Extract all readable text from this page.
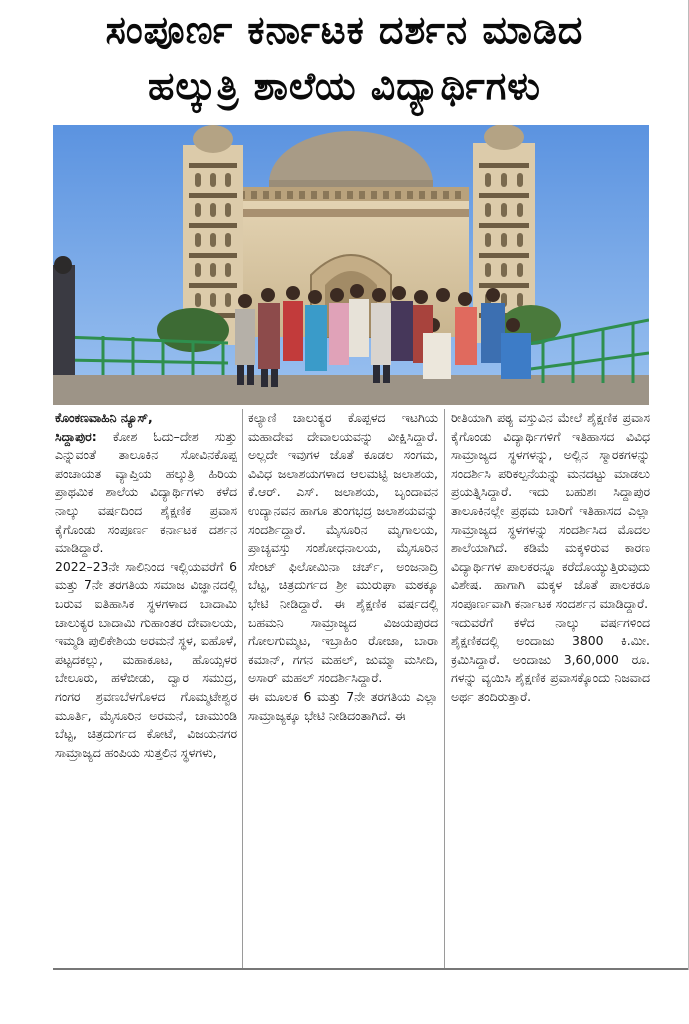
ಸಂಪೂರ್ಣ ಕರ್ನಾಟಕ ದರ್ಶನ ಮಾಡಿದ
ಹಲ್ಕುತ್ರಿ ಶಾಲೆಯ ವಿದ್ಯಾರ್ಥಿಗಳು

ಕೊಂಕಣವಾಹಿನಿ ನ್ಯೂಸ್,

ಸಿದ್ದಾಪುರ: ಕೋಶ ಓದು–ದೇಶ ಸುತ್ತು ಎನ್ನುವಂತೆ ತಾಲೂಕಿನ ಸೋವಿನಕೊಪ್ಪ ಪಂಚಾಯತ ವ್ಯಾಪ್ತಿಯ ಹಲ್ಕುತ್ರಿ ಹಿರಿಯ ಪ್ರಾಥಮಿಕ ಶಾಲೆಯ ವಿದ್ಯಾರ್ಥಿಗಳು ಕಳೆದ ನಾಲ್ಕು ವರ್ಷದಿಂದ ಶೈಕ್ಷಣಿಕ ಪ್ರವಾಸ ಕೈಗೊಂಡು ಸಂಪೂರ್ಣ ಕರ್ನಾಟಕ ದರ್ಶನ ಮಾಡಿದ್ದಾರೆ.

2022–23ನೇ ಸಾಲಿನಿಂದ ಇಲ್ಲಿಯವರೆಗೆ 6 ಮತ್ತು 7ನೇ ತರಗತಿಯ ಸಮಾಜ ವಿಜ್ಞಾನದಲ್ಲಿ ಬರುವ ಐತಿಹಾಸಿಕ ಸ್ಥಳಗಳಾದ ಬಾದಾಮಿ ಚಾಲುಕ್ಯರ ಬಾದಾಮಿ ಗುಹಾಂತರ ದೇವಾಲಯ, ಇಮ್ಮಡಿ ಪುಲಿಕೇಶಿಯ ಅರಮನೆ ಸ್ಥಳ, ಐಹೊಳೆ, ಪಟ್ಟದಕಲ್ಲು, ಮಹಾಕೂಟ, ಹೊಯ್ಸಳರ ಬೇಲೂರು, ಹಳೆಬೀಡು, ದ್ವಾರ ಸಮುದ್ರ, ಗಂಗರ ಶ್ರವಣಬೆಳಗೊಳದ ಗೊಮ್ಮಟೇಶ್ವರ ಮೂರ್ತಿ, ಮೈಸೂರಿನ ಅರಮನೆ, ಚಾಮುಂಡಿ ಬೆಟ್ಟ, ಚಿತ್ರದುರ್ಗದ ಕೋಟೆ, ವಿಜಯನಗರ ಸಾಮ್ರಾಜ್ಯದ ಹಂಪಿಯ ಸುತ್ತಲಿನ ಸ್ಥಳಗಳು,

ಕಲ್ಯಾಣಿ ಚಾಲುಕ್ಯರ ಕೊಪ್ಪಳದ ಇಟಗಿಯ ಮಹಾದೇವ ದೇವಾಲಯವನ್ನು ವೀಕ್ಷಿಸಿದ್ದಾರೆ. ಅಲ್ಲದೇ ಇವುಗಳ ಜೊತೆ ಕೂಡಲ ಸಂಗಮ, ವಿವಿಧ ಜಲಾಶಯಗಳಾದ ಆಲಮಟ್ಟಿ ಜಲಾಶಯ, ಕೆ.ಆರ್. ಎಸ್. ಜಲಾಶಯ, ಬೃಂದಾವನ ಉದ್ಯಾನವನ ಹಾಗೂ ತುಂಗಭದ್ರ ಜಲಾಶಯವನ್ನು ಸಂದರ್ಶಿದ್ದಾರೆ. ಮೈಸೂರಿನ ಮೃಗಾಲಯ, ಪ್ರಾಚ್ಯವಸ್ತು ಸಂಶೋಧನಾಲಯ, ಮೈಸೂರಿನ ಸೇಂಟ್ ಫಿಲೋಮಿನಾ ಚರ್ಚ್, ಅಂಜನಾದ್ರಿ ಬೆಟ್ಟ, ಚಿತ್ರದುರ್ಗದ ಶ್ರೀ ಮುರುಘಾ ಮಠಕ್ಕೂ ಭೇಟಿ ನೀಡಿದ್ದಾರೆ. ಈ ಶೈಕ್ಷಣಿಕ ವರ್ಷದಲ್ಲಿ ಬಹಮನಿ ಸಾಮ್ರಾಜ್ಯದ ವಿಜಯಪುರದ ಗೋಲಗುಮ್ಮಟ, ಇಬ್ರಾಹಿಂ ರೋಜಾ, ಬಾರಾ ಕಮಾನ್, ಗಗನ ಮಹಲ್, ಜುಮ್ಮಾ ಮಸೀದಿ, ಅಸಾರ್ ಮಹಲ್ ಸಂದರ್ಶಿಸಿದ್ದಾರೆ.

ಈ ಮೂಲಕ 6 ಮತ್ತು 7ನೇ ತರಗತಿಯ ಎಲ್ಲಾ ಸಾಮ್ರಾಜ್ಯಕ್ಕೂ ಭೇಟಿ ನೀಡಿದಂತಾಗಿದೆ. ಈ

ರೀತಿಯಾಗಿ ಪಠ್ಯ ವಸ್ತುವಿನ ಮೇಲೆ ಶೈಕ್ಷಣಿಕ ಪ್ರವಾಸ ಕೈಗೊಂಡು ವಿದ್ಯಾರ್ಥಿಗಳಿಗೆ ಇತಿಹಾಸದ ವಿವಿಧ ಸಾಮ್ರಾಜ್ಯದ ಸ್ಥಳಗಳನ್ನು, ಅಲ್ಲಿನ ಸ್ಮಾರಕಗಳನ್ನು ಸಂದರ್ಶಿಸಿ ಪರಿಕಲ್ಪನೆಯನ್ನು ಮನದಟ್ಟು ಮಾಡಲು ಪ್ರಯತ್ನಿಸಿದ್ದಾರೆ. ಇದು ಬಹುಶಃ ಸಿದ್ದಾಪುರ ತಾಲೂಕಿನಲ್ಲೇ ಪ್ರಥಮ ಬಾರಿಗೆ ಇತಿಹಾಸದ ಎಲ್ಲಾ ಸಾಮ್ರಾಜ್ಯದ ಸ್ಥಳಗಳನ್ನು ಸಂದರ್ಶಿಸಿದ ಮೊದಲ ಶಾಲೆಯಾಗಿದೆ. ಕಡಿಮೆ ಮಕ್ಕಳಿರುವ ಕಾರಣ ವಿದ್ಯಾರ್ಥಿಗಳ ಪಾಲಕರನ್ನೂ ಕರೆದೊಯ್ಯುತ್ತಿರುವುದು ವಿಶೇಷ. ಹಾಗಾಗಿ ಮಕ್ಕಳ ಜೊತೆ ಪಾಲಕರೂ ಸಂಪೂರ್ಣವಾಗಿ ಕರ್ನಾಟಕ ಸಂದರ್ಶನ ಮಾಡಿದ್ದಾರೆ.

ಇದುವರೆಗೆ ಕಳೆದ ನಾಲ್ಕು ವರ್ಷಗಳಿಂದ ಶೈಕ್ಷಣಿಕದಲ್ಲಿ ಅಂದಾಜು 3800 ಕಿ.ಮೀ. ಕ್ರಮಿಸಿದ್ದಾರೆ. ಅಂದಾಜು 3,60,000 ರೂ. ಗಳನ್ನು ವ್ಯಯಿಸಿ ಶೈಕ್ಷಣಿಕ ಪ್ರವಾಸಕ್ಕೊಂದು ನಿಜವಾದ ಅರ್ಥ ತಂದಿರುತ್ತಾರೆ.
